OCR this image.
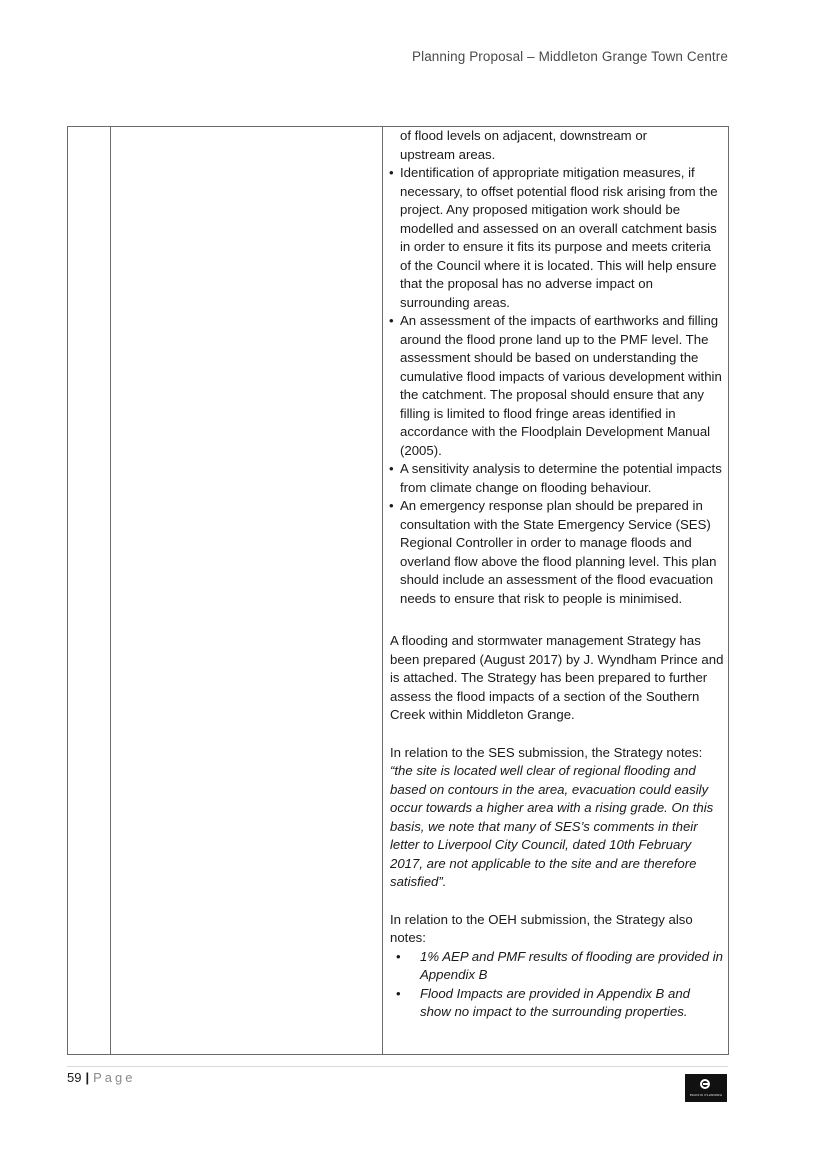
Planning Proposal – Middleton Grange Town Centre
of flood levels on adjacent, downstream or
upstream areas.
• Identification of appropriate mitigation measures, if necessary, to offset potential flood risk arising from the project. Any proposed mitigation work should be modelled and assessed on an overall catchment basis in order to ensure it fits its purpose and meets criteria of the Council where it is located. This will help ensure that the proposal has no adverse impact on surrounding areas.
• An assessment of the impacts of earthworks and filling around the flood prone land up to the PMF level. The assessment should be based on understanding the cumulative flood impacts of various development within the catchment. The proposal should ensure that any filling is limited to flood fringe areas identified in accordance with the Floodplain Development Manual (2005).
• A sensitivity analysis to determine the potential impacts from climate change on flooding behaviour.
• An emergency response plan should be prepared in consultation with the State Emergency Service (SES) Regional Controller in order to manage floods and overland flow above the flood planning level. This plan should include an assessment of the flood evacuation needs to ensure that risk to people is minimised.

A flooding and stormwater management Strategy has been prepared (August 2017) by J. Wyndham Prince and is attached. The Strategy has been prepared to further assess the flood impacts of a section of the Southern Creek within Middleton Grange.

In relation to the SES submission, the Strategy notes:

“the site is located well clear of regional flooding and based on contours in the area, evacuation could easily occur towards a higher area with a rising grade. On this basis, we note that many of SES’s comments in their letter to Liverpool City Council, dated 10th February 2017, are not applicable to the site and are therefore satisfied”.

In relation to the OEH submission, the Strategy also notes:

• 1% AEP and PMF results of flooding are provided in Appendix B
• Flood Impacts are provided in Appendix B and show no impact to the surrounding properties.
59 | Page
PACIFIC PLANNING
